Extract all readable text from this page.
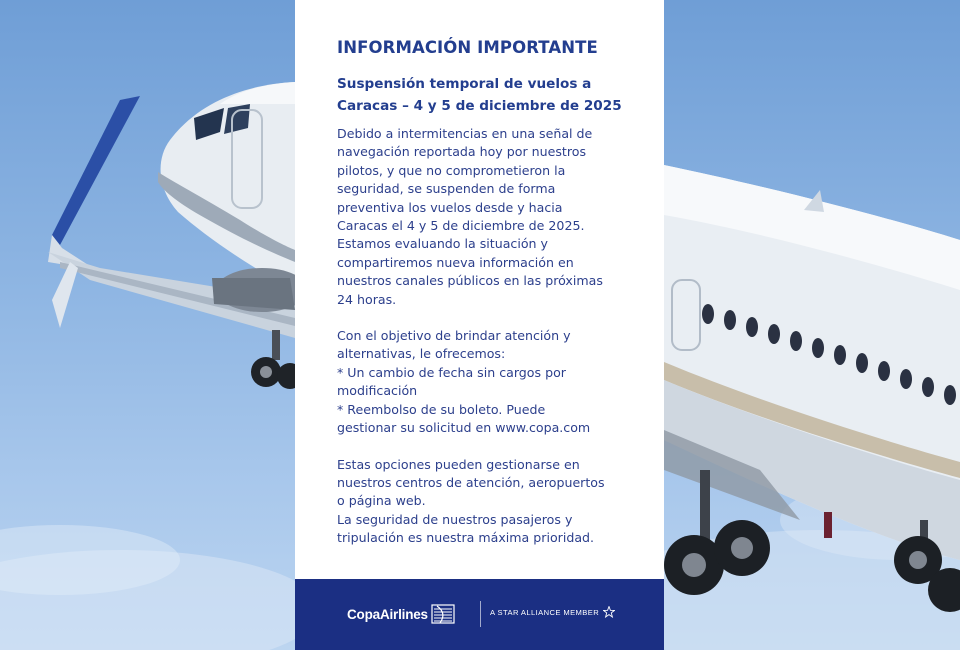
INFORMACIÓN IMPORTANTE
Suspensión temporal de vuelos a
Caracas – 4 y 5 de diciembre de 2025
Debido a intermitencias en una señal de
navegación reportada hoy por nuestros
pilotos, y que no comprometieron la
seguridad, se suspenden de forma
preventiva los vuelos desde y hacia
Caracas el 4 y 5 de diciembre de 2025.
Estamos evaluando la situación y
compartiremos nueva información en
nuestros canales públicos en las próximas
24 horas.
Con el objetivo de brindar atención y
alternativas, le ofrecemos:
* Un cambio de fecha sin cargos por
modificación
* Reembolso de su boleto. Puede
gestionar su solicitud en www.copa.com
Estas opciones pueden gestionarse en
nuestros centros de atención, aeropuertos
o página web.
La seguridad de nuestros pasajeros y
tripulación es nuestra máxima prioridad.
CopaAirlines	A STAR ALLIANCE MEMBER
